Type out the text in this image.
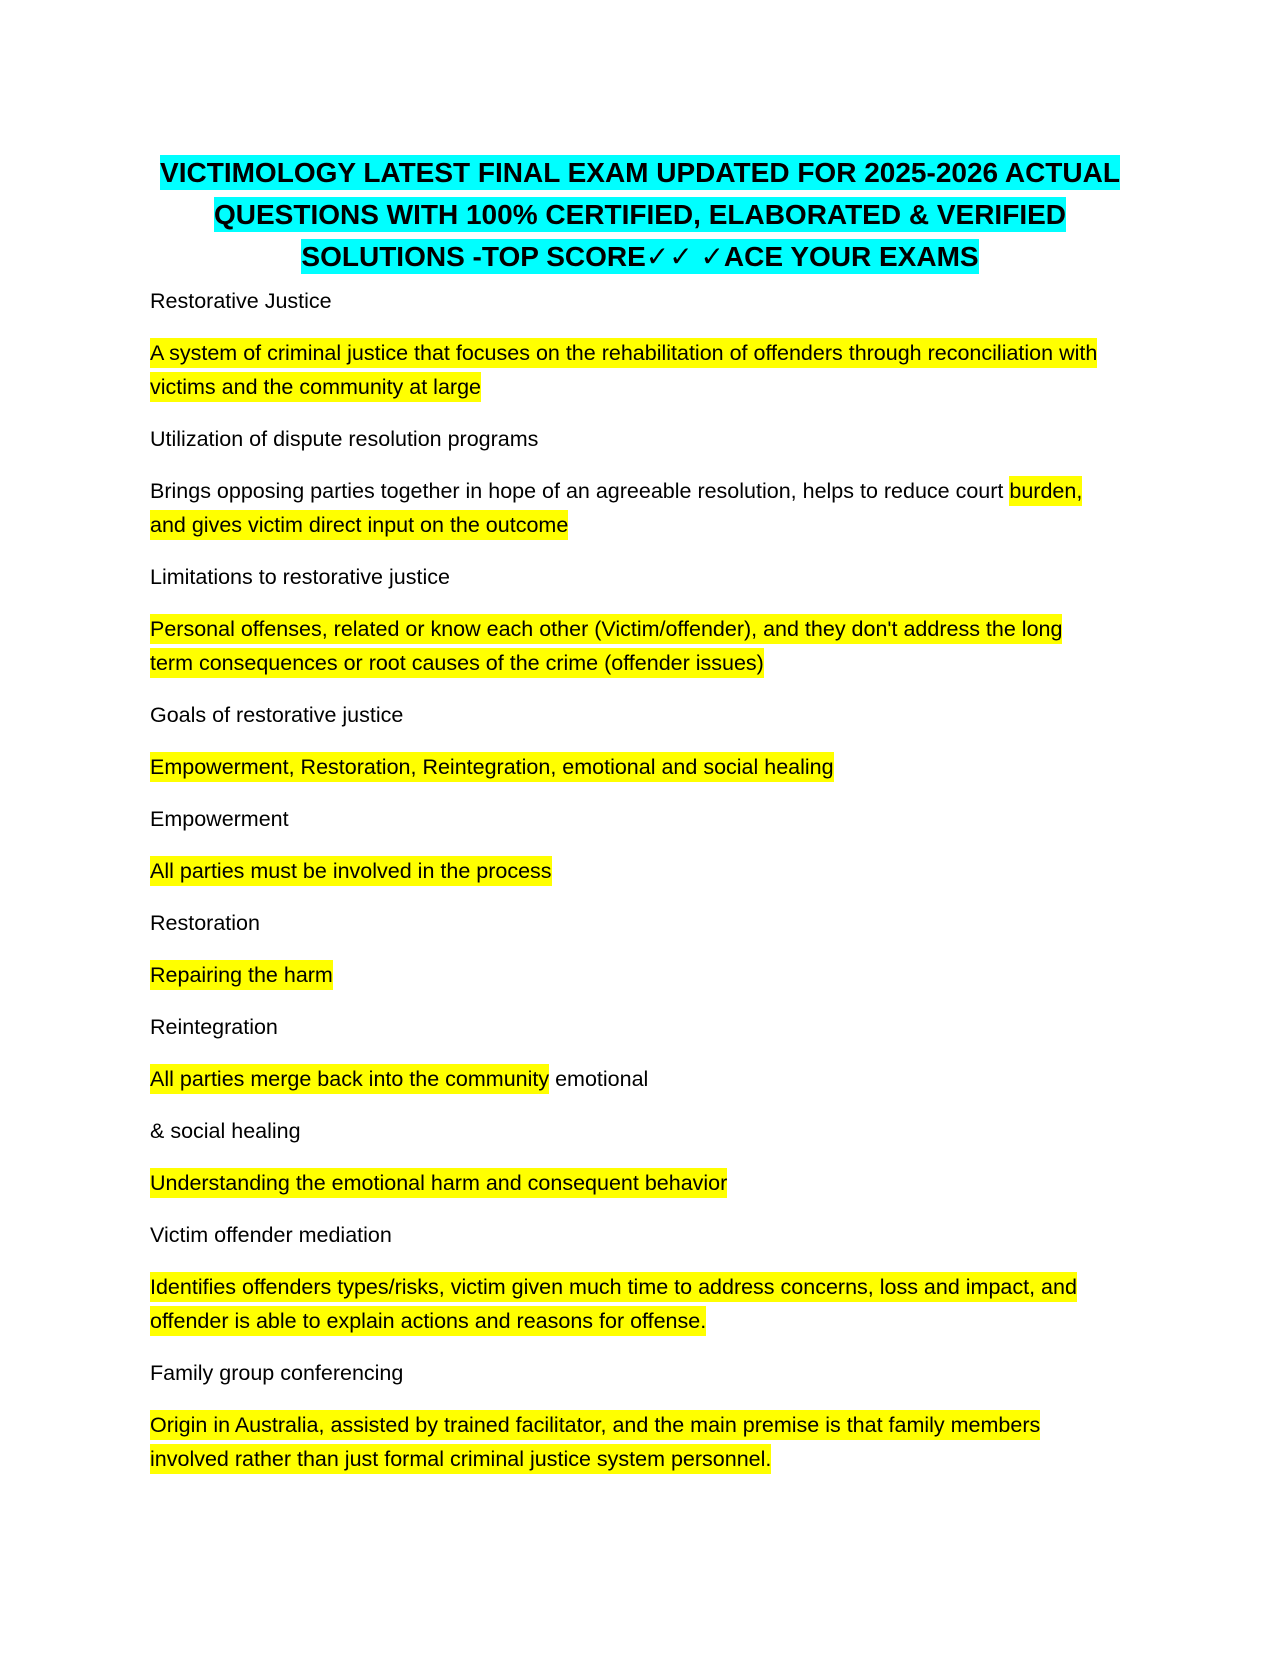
VICTIMOLOGY LATEST FINAL EXAM UPDATED FOR 2025-2026 ACTUAL QUESTIONS WITH 100% CERTIFIED, ELABORATED & VERIFIED SOLUTIONS -TOP SCORE✓✓ ✓ACE YOUR EXAMS

Restorative Justice

A system of criminal justice that focuses on the rehabilitation of offenders through reconciliation with victims and the community at large

Utilization of dispute resolution programs

Brings opposing parties together in hope of an agreeable resolution, helps to reduce court burden, and gives victim direct input on the outcome

Limitations to restorative justice

Personal offenses, related or know each other (Victim/offender), and they don't address the long term consequences or root causes of the crime (offender issues)

Goals of restorative justice

Empowerment, Restoration, Reintegration, emotional and social healing

Empowerment

All parties must be involved in the process

Restoration

Repairing the harm

Reintegration

All parties merge back into the community emotional

& social healing

Understanding the emotional harm and consequent behavior

Victim offender mediation

Identifies offenders types/risks, victim given much time to address concerns, loss and impact, and offender is able to explain actions and reasons for offense.

Family group conferencing

Origin in Australia, assisted by trained facilitator, and the main premise is that family members involved rather than just formal criminal justice system personnel.
